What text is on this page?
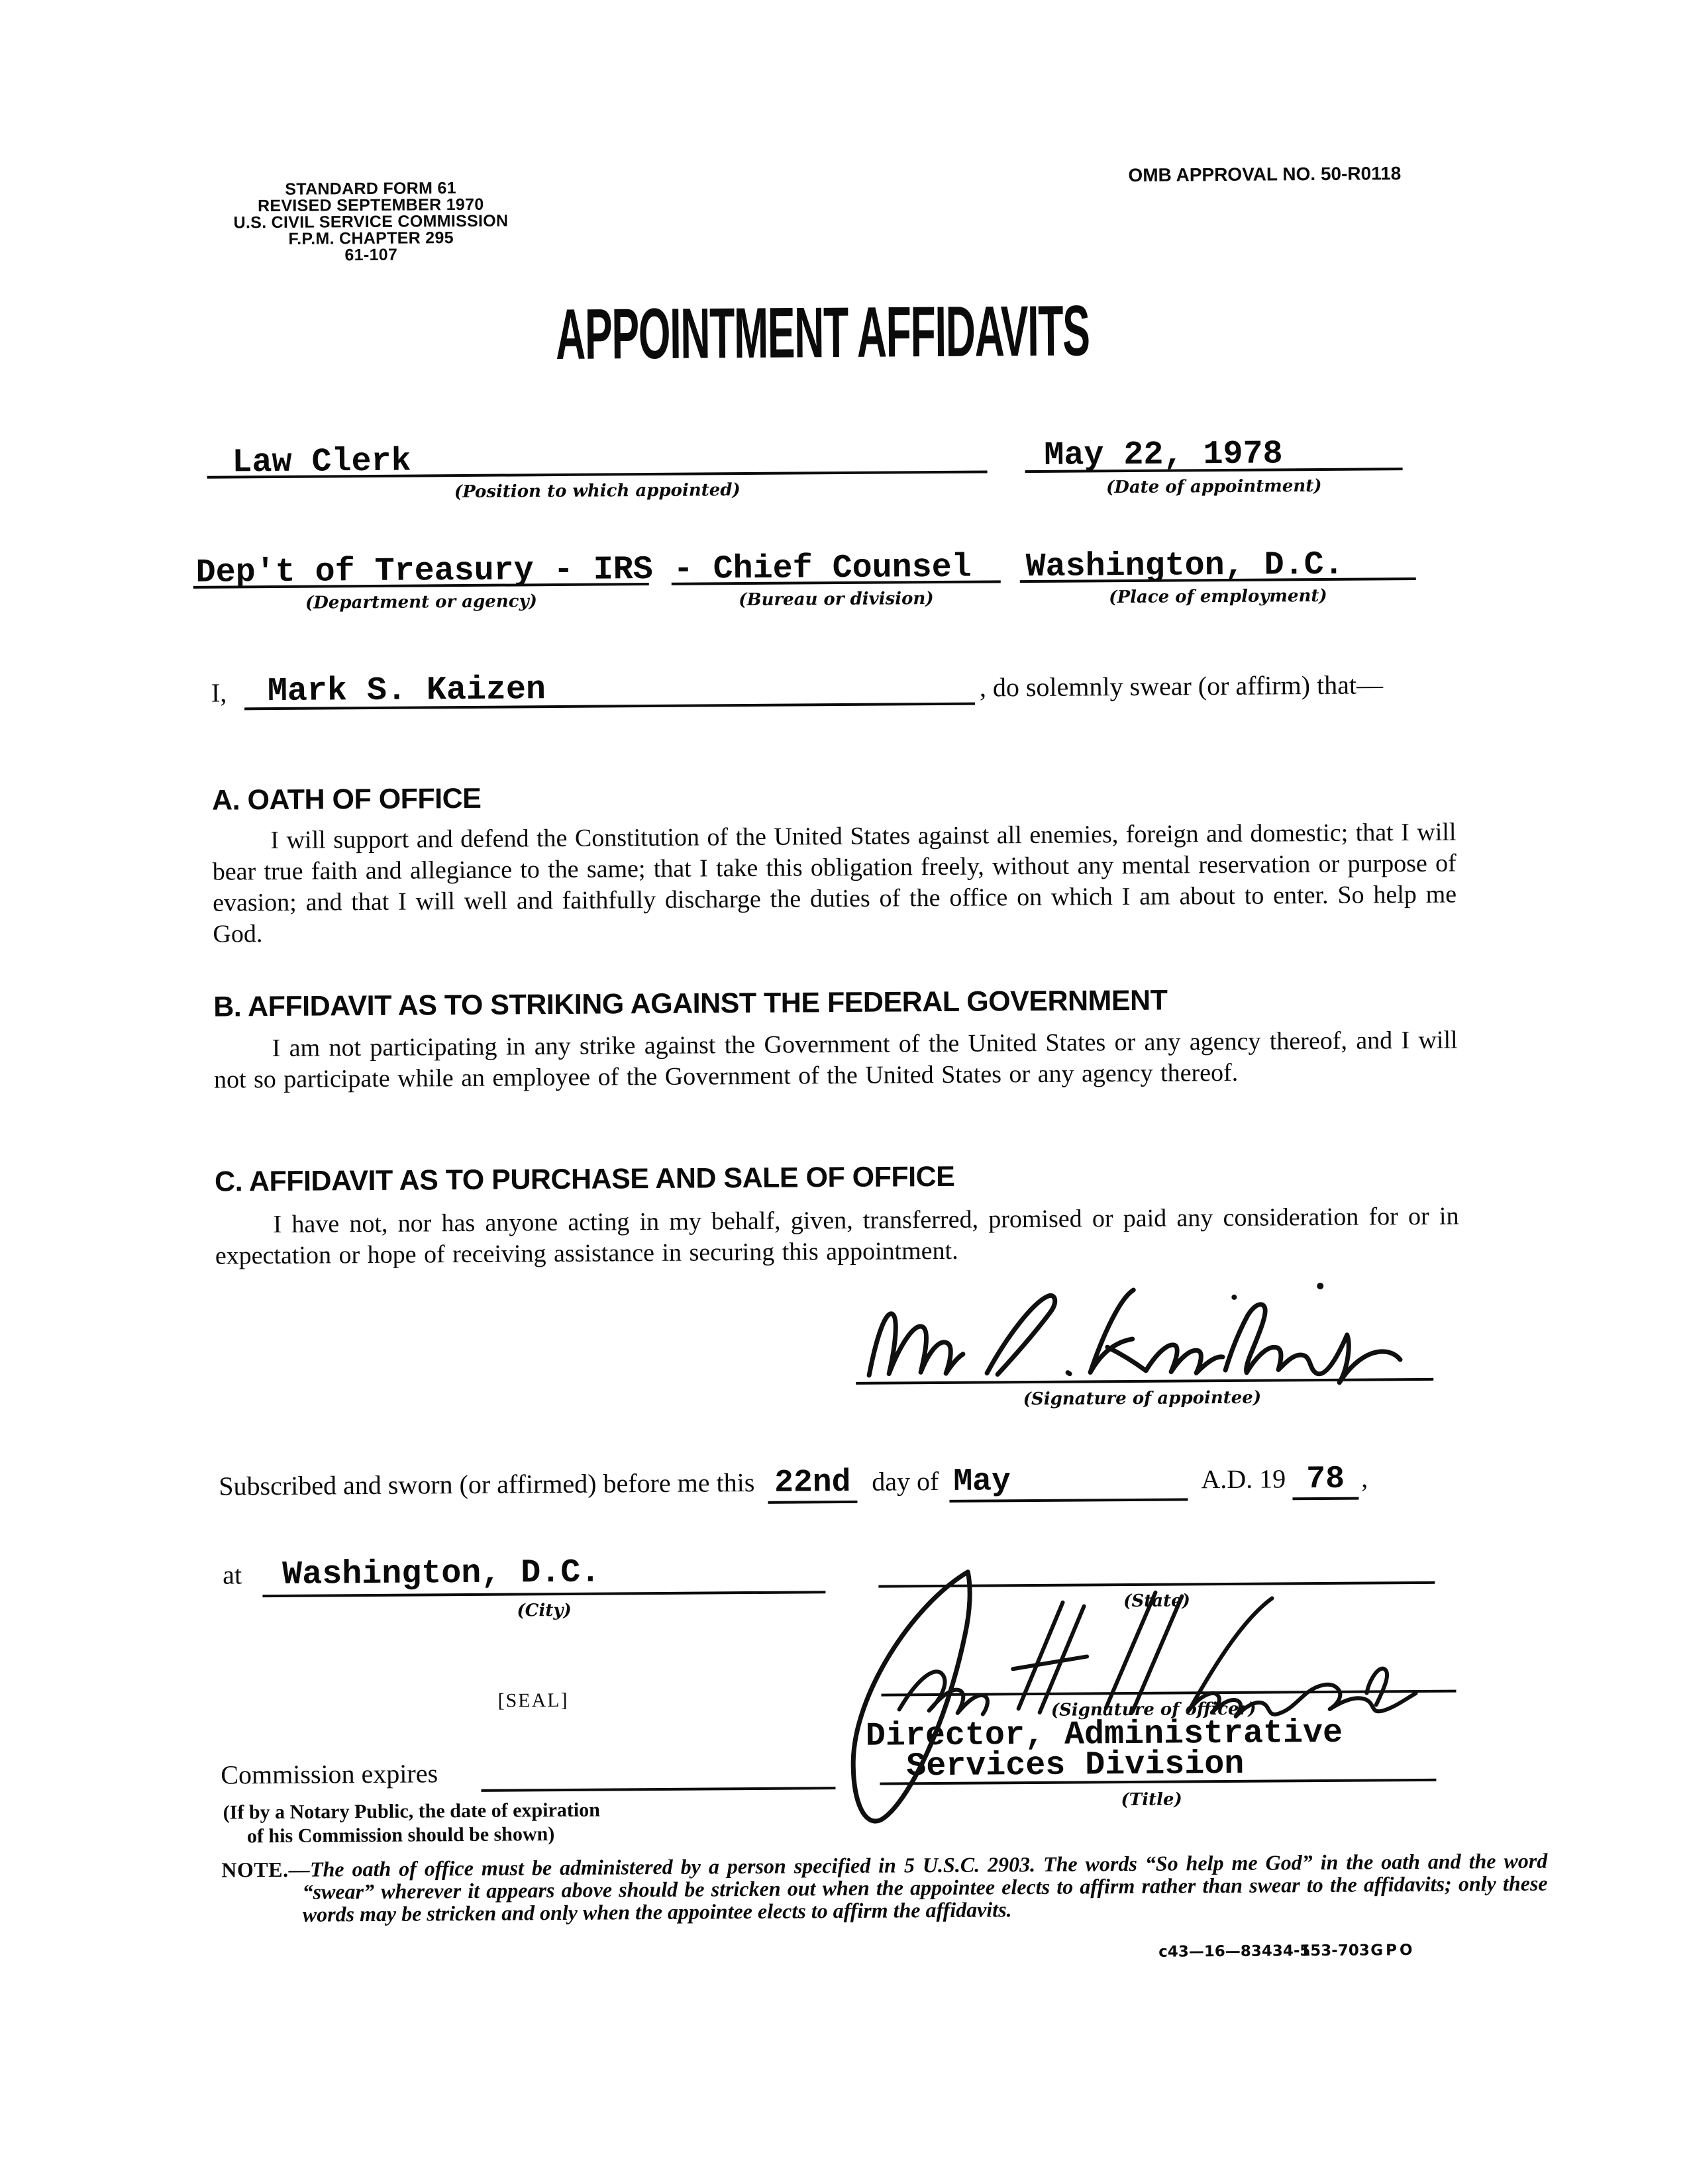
STANDARD FORM 61
REVISED SEPTEMBER 1970
U.S. CIVIL SERVICE COMMISSION
F.P.M. CHAPTER 295
61-107
OMB APPROVAL NO. 50-R0118
APPOINTMENT AFFIDAVITS
Law Clerk
(Position to which appointed)
May 22, 1978
(Date of appointment)
Dep't of Treasury - IRS
(Department or agency)
- Chief Counsel
(Bureau or division)
Washington, D.C.
(Place of employment)
I, Mark S. Kaizen	, do solemnly swear (or affirm) that—
A. OATH OF OFFICE
I will support and defend the Constitution of the United States against all enemies, foreign and domestic; that I will bear true faith and allegiance to the same; that I take this obligation freely, without any mental reservation or purpose of evasion; and that I will well and faithfully discharge the duties of the office on which I am about to enter. So help me God.
B. AFFIDAVIT AS TO STRIKING AGAINST THE FEDERAL GOVERNMENT
I am not participating in any strike against the Government of the United States or any agency thereof, and I will not so participate while an employee of the Government of the United States or any agency thereof.
C. AFFIDAVIT AS TO PURCHASE AND SALE OF OFFICE
I have not, nor has anyone acting in my behalf, given, transferred, promised or paid any consideration for or in expectation or hope of receiving assistance in securing this appointment.
(Signature of appointee)
Subscribed and sworn (or affirmed) before me this 22nd day of May	A.D. 19 78 ,
at Washington, D.C.
(City)	(State)
[SEAL]	(Signature of officer)
Director, Administrative
Services Division
(Title)
Commission expires
(If by a Notary Public, the date of expiration
of his Commission should be shown)
NOTE.—The oath of office must be administered by a person specified in 5 U.S.C. 2903. The words “So help me God” in the oath and the word “swear” wherever it appears above should be stricken out when the appointee elects to affirm rather than swear to the affidavits; only these words may be stricken and only when the appointee elects to affirm the affidavits.
c43—16—83434-1
553-703 GPO
